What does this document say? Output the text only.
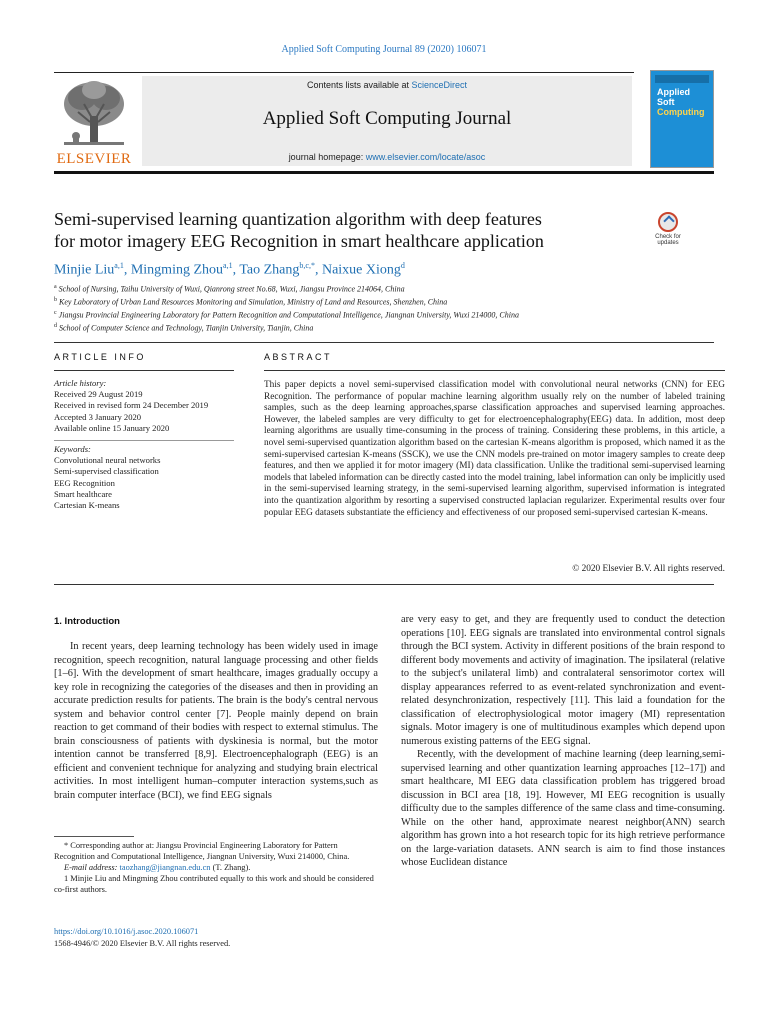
Applied Soft Computing Journal 89 (2020) 106071
ELSEVIER
Contents lists available at ScienceDirect
Applied Soft Computing Journal
journal homepage: www.elsevier.com/locate/asoc
Applied
Soft
Computing
Semi-supervised learning quantization algorithm with deep features
for motor imagery EEG Recognition in smart healthcare application	Check for
updates
Minjie Liu$^{a,1}$, Mingming Zhou$^{a,1}$, Tao Zhang$^{b,c,*}$, Naixue Xiong$^d$
$^a$ School of Nursing, Taihu University of Wuxi, Qianrong street No.68, Wuxi, Jiangsu Province 214064, China
$^b$ Key Laboratory of Urban Land Resources Monitoring and Simulation, Ministry of Land and Resources, Shenzhen, China
$^c$ Jiangsu Provincial Engineering Laboratory for Pattern Recognition and Computational Intelligence, Jiangnan University, Wuxi 214000, China
$^d$ School of Computer Science and Technology, Tianjin University, Tianjin, China
ARTICLE INFO	ABSTRACT
Article history:
Received 29 August 2019
Received in revised form 24 December 2019
Accepted 3 January 2020
Available online 15 January 2020
Keywords:
Convolutional neural networks
Semi-supervised classification
EEG Recognition
Smart healthcare
Cartesian K-means
This paper depicts a novel semi-supervised classification model with convolutional neural networks (CNN) for EEG Recognition. The performance of popular machine learning algorithm usually rely on the number of labeled training samples, such as the deep learning approaches,sparse classification approaches and supervised learning approaches. However, the labeled samples are very difficulty to get for electroencephalography(EEG) data. In addition, most deep learning algorithms are usually time-consuming in the process of training. Considering these problems, in this article, a novel semi-supervised quantization algorithm based on the cartesian K-means algorithm is proposed, which named it as the semi-supervised cartesian K-means (SSCK), we use the CNN models pre-trained on motor imagery samples to create deep features, and then we applied it for motor imagery (MI) data classification. Unlike the traditional semi-supervised learning models that labeled information can be directly casted into the model training, label information can only be implicitly used in the semi-supervised learning strategy, in the semi-supervised learning algorithm, supervised information is integrated into the quantization algorithm by resorting a supervised constructed laplacian regularizer. Experimental results over four popular EEG datasets substantiate the efficiency and effectiveness of our proposed semi-supervised cartesian K-means.
© 2020 Elsevier B.V. All rights reserved.
1. Introduction

In recent years, deep learning technology has been widely used in image recognition, speech recognition, natural language processing and other fields [1–6]. With the development of smart healthcare, images gradually occupy a key role in recognizing the categories of the diseases and then in providing an accurate prediction results for patients. The brain is the body's central nervous system and behavior control center [7]. People mainly depend on brain reaction to get command of their bodies with respect to external stimulus. The brain consciousness of patients with dyskinesia is normal, but the motor intention cannot be transferred [8,9]. Electroencephalograph (EEG) is an efficient and convenient technique for analyzing and studying brain electrical activities. In most intelligent human–computer interaction systems,such as brain computer interface (BCI), we find EEG signals

are very easy to get, and they are frequently used to conduct the detection operations [10]. EEG signals are translated into environmental control signals through the BCI system. Activity in different positions of the brain respond to different body movements and activity of imagination. The ipsilateral (relative to the subject's unilateral limb) and contralateral sensorimotor cortex will display appearances referred to as event-related synchronization and event-related desynchronization, respectively [11]. This laid a foundation for the classification of electrophysiological motor imagery (MI) representation signals. Motor imagery is one of multitudinous examples which depend upon numerous existing patterns of the EEG signal.

Recently, with the development of machine learning (deep learning,semi-supervised learning and other quantization learning approaches [12–17]) and smart healthcare, MI EEG data classification problem has triggered broad discussion in BCI area [18, 19]. However, MI EEG recognition is usually difficulty due to the samples difference of the same class and time-consuming. While on the other hand, approximate nearest neighbor(ANN) search algorithm has grown into a hot research topic for its high retrieve performance on the large-variation datasets. ANN search is aim to find those instances whose Euclidean distance

* Corresponding author at: Jiangsu Provincial Engineering Laboratory for Pattern Recognition and Computational Intelligence, Jiangnan University, Wuxi 214000, China.
E-mail address: taozhang@jiangnan.edu.cn (T. Zhang).
1 Minjie Liu and Mingming Zhou contributed equally to this work and should be considered co-first authors.
https://doi.org/10.1016/j.asoc.2020.106071
1568-4946/© 2020 Elsevier B.V. All rights reserved.
